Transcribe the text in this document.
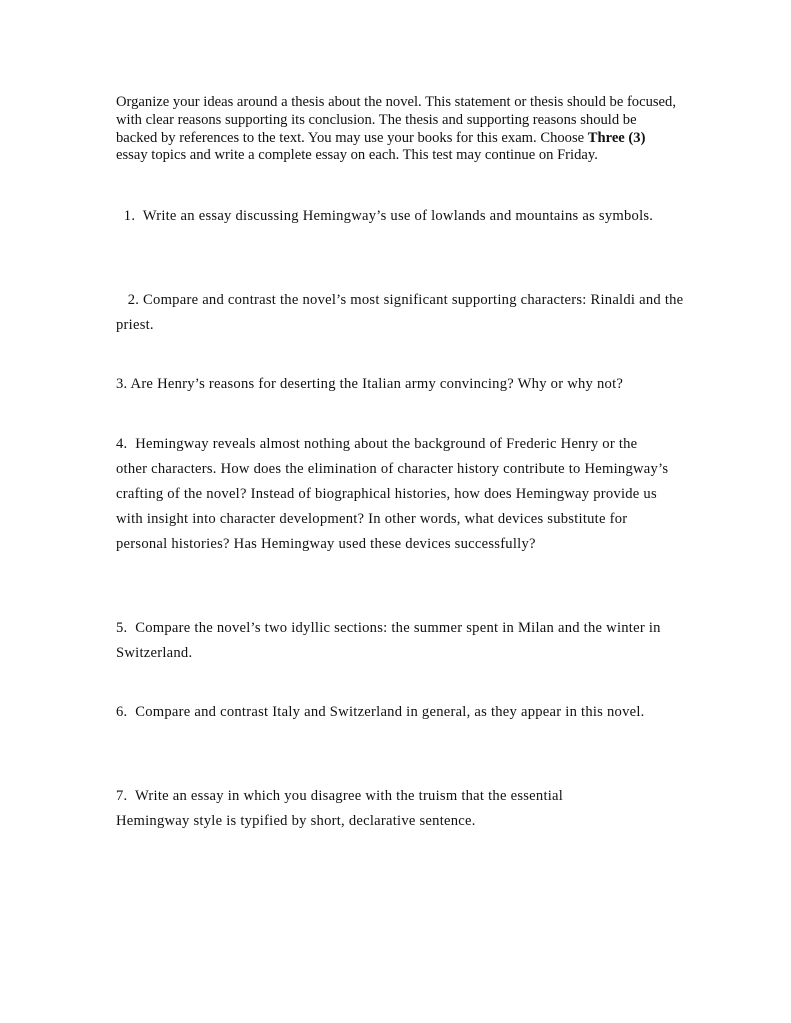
Organize your ideas around a thesis about the novel. This statement or thesis should be focused, with clear reasons supporting its conclusion. The thesis and supporting reasons should be backed by references to the text. You may use your books for this exam. Choose Three (3) essay topics and write a complete essay on each. This test may continue on Friday.
1.  Write an essay discussing Hemingway’s use of lowlands and mountains as symbols.
2. Compare and contrast the novel’s most significant supporting characters: Rinaldi and the priest.
3. Are Henry’s reasons for deserting the Italian army convincing? Why or why not?
4.  Hemingway reveals almost nothing about the background of Frederic Henry or the other characters. How does the elimination of character history contribute to Hemingway’s crafting of the novel? Instead of biographical histories, how does Hemingway provide us with insight into character development? In other words, what devices substitute for personal histories? Has Hemingway used these devices successfully?
5.  Compare the novel’s two idyllic sections: the summer spent in Milan and the winter in Switzerland.
6.  Compare and contrast Italy and Switzerland in general, as they appear in this novel.
7.  Write an essay in which you disagree with the truism that the essential Hemingway style is typified by short, declarative sentence.
